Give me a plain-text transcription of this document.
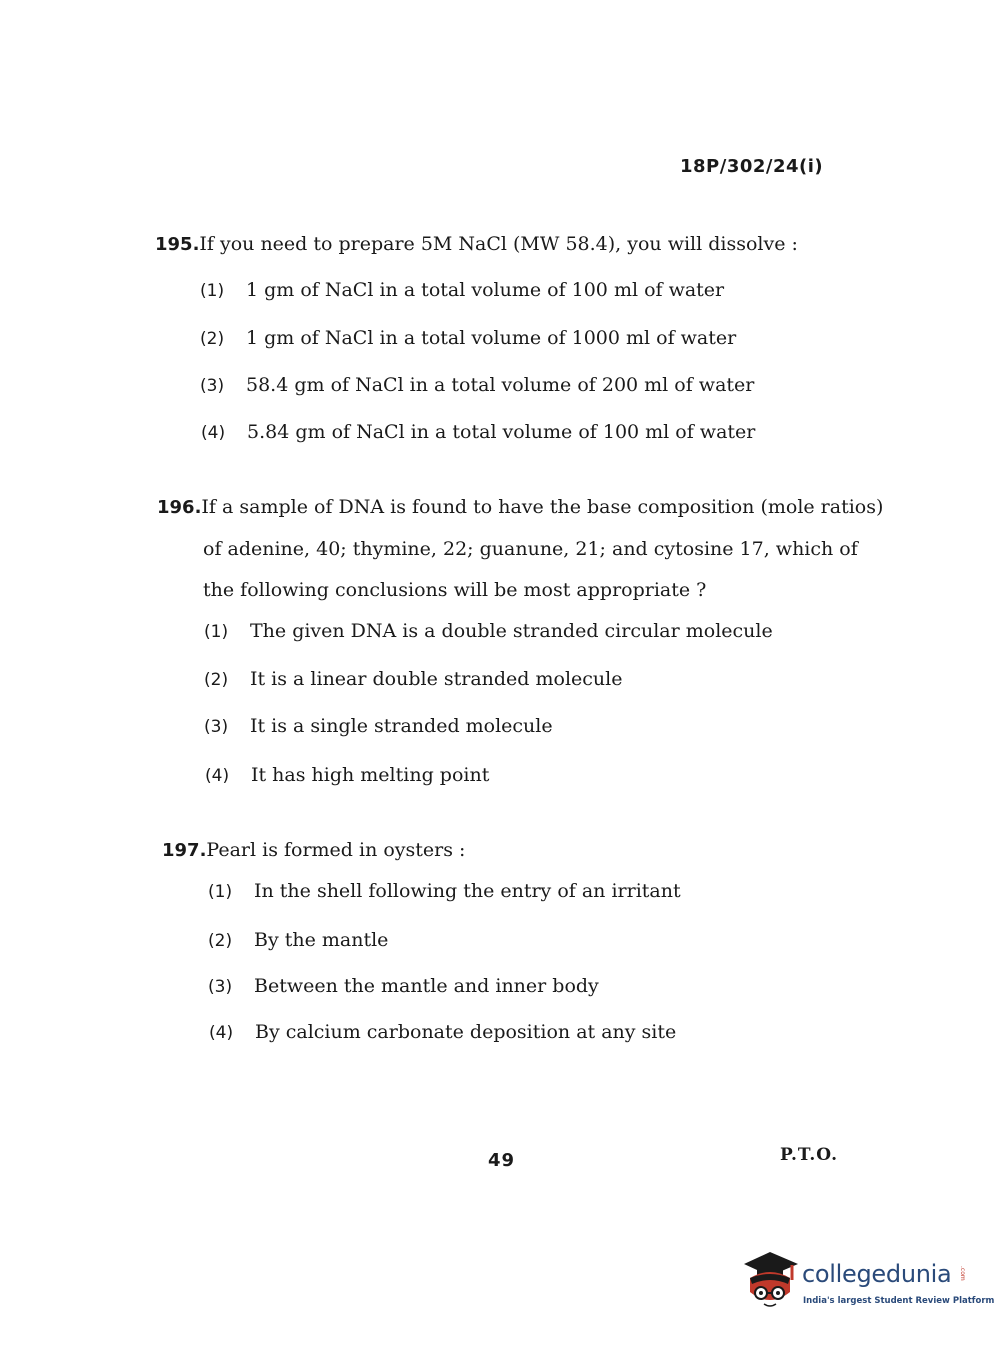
18P/302/24(i)
195.If you need to prepare 5M NaCl (MW 58.4), you will dissolve :
(1) 1 gm of NaCl in a total volume of 100 ml of water
(2) 1 gm of NaCl in a total volume of 1000 ml of water
(3) 58.4 gm of NaCl in a total volume of 200 ml of water
(4) 5.84 gm of NaCl in a total volume of 100 ml of water
196.If a sample of DNA is found to have the base composition (mole ratios)
of adenine, 40; thymine, 22; guanune, 21; and cytosine 17, which of
the following conclusions will be most appropriate ?
(1) The given DNA is a double stranded circular molecule
(2) It is a linear double stranded molecule
(3) It is a single stranded molecule
(4) It has high melting point
197.Pearl is formed in oysters :
(1) In the shell following the entry of an irritant
(2) By the mantle
(3) Between the mantle and inner body
(4) By calcium carbonate deposition at any site
49	P.T.O.
collegedunia .com
India's largest Student Review Platform
